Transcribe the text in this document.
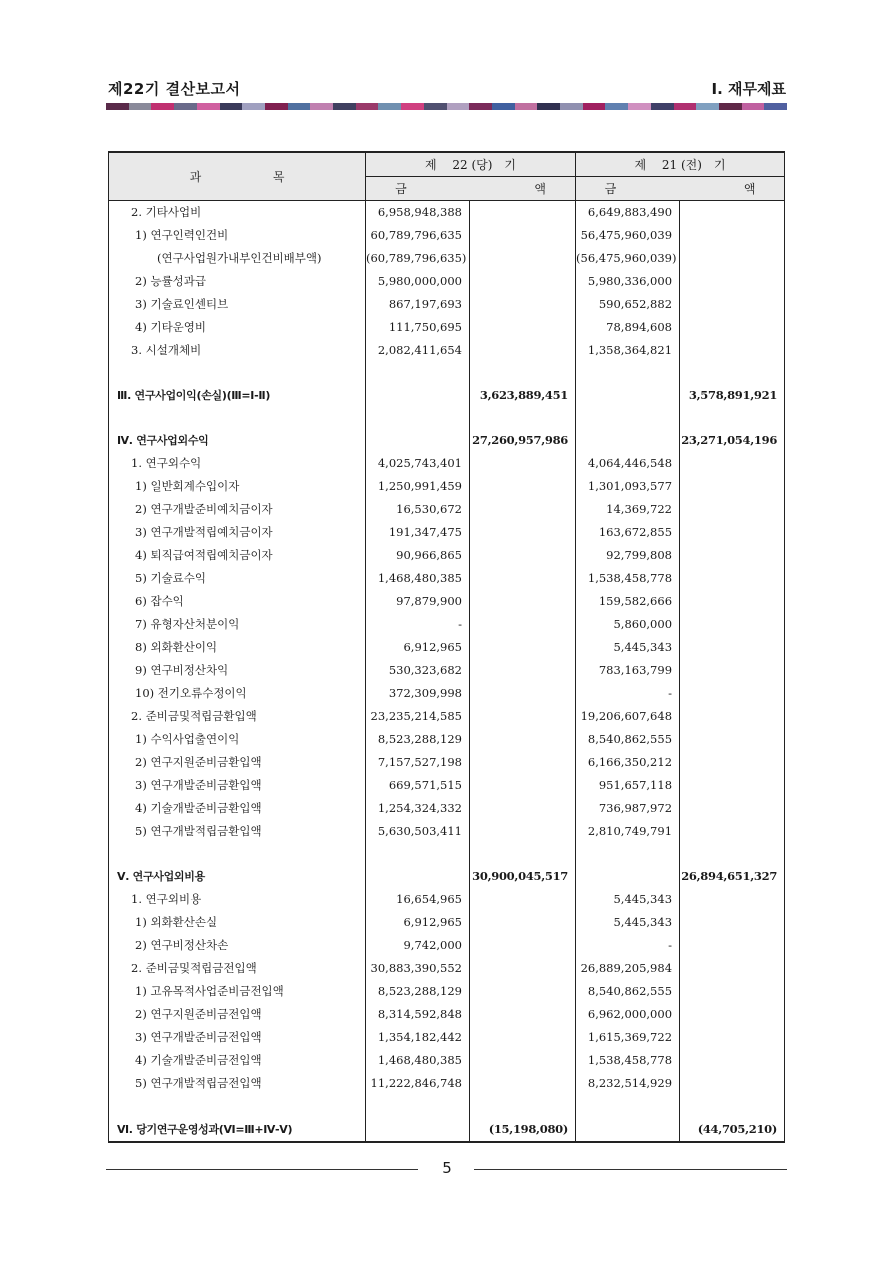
제22기 결산보고서	Ⅰ. 재무제표
과 목	제　 22 (당)　기		제　 21 (전)　기	
	금 액		금 액	
2. 기타사업비	6,958,948,388		6,649,883,490	
1) 연구인력인건비	60,789,796,635		56,475,960,039	
(연구사업원가내부인건비배부액)	(60,789,796,635)		(56,475,960,039)	
2) 능률성과급	5,980,000,000		5,980,336,000	
3) 기술료인센티브	867,197,693		590,652,882	
4) 기타운영비	111,750,695		78,894,608	
3. 시설개체비	2,082,411,654		1,358,364,821	

Ⅲ. 연구사업이익(손실)(Ⅲ=Ⅰ-Ⅱ)		3,623,889,451		3,578,891,921

Ⅳ. 연구사업외수익		27,260,957,986		23,271,054,196
1. 연구외수익	4,025,743,401		4,064,446,548	
1) 일반회계수입이자	1,250,991,459		1,301,093,577	
2) 연구개발준비예치금이자	16,530,672		14,369,722	
3) 연구개발적립예치금이자	191,347,475		163,672,855	
4) 퇴직급여적립예치금이자	90,966,865		92,799,808	
5) 기술료수익	1,468,480,385		1,538,458,778	
6) 잡수익	97,879,900		159,582,666	
7) 유형자산처분이익	-		5,860,000	
8) 외화환산이익	6,912,965		5,445,343	
9) 연구비정산차익	530,323,682		783,163,799	
10) 전기오류수정이익	372,309,998		-	
2. 준비금및적립금환입액	23,235,214,585		19,206,607,648	
1) 수익사업출연이익	8,523,288,129		8,540,862,555	
2) 연구지원준비금환입액	7,157,527,198		6,166,350,212	
3) 연구개발준비금환입액	669,571,515		951,657,118	
4) 기술개발준비금환입액	1,254,324,332		736,987,972	
5) 연구개발적립금환입액	5,630,503,411		2,810,749,791	

Ⅴ. 연구사업외비용		30,900,045,517		26,894,651,327
1. 연구외비용	16,654,965		5,445,343	
1) 외화환산손실	6,912,965		5,445,343	
2) 연구비정산차손	9,742,000		-	
2. 준비금및적립금전입액	30,883,390,552		26,889,205,984	
1) 고유목적사업준비금전입액	8,523,288,129		8,540,862,555	
2) 연구지원준비금전입액	8,314,592,848		6,962,000,000	
3) 연구개발준비금전입액	1,354,182,442		1,615,369,722	
4) 기술개발준비금전입액	1,468,480,385		1,538,458,778	
5) 연구개발적립금전입액	11,222,846,748		8,232,514,929	

Ⅵ. 당기연구운영성과(Ⅵ=Ⅲ+Ⅳ-Ⅴ)		(15,198,080)		(44,705,210)
5
